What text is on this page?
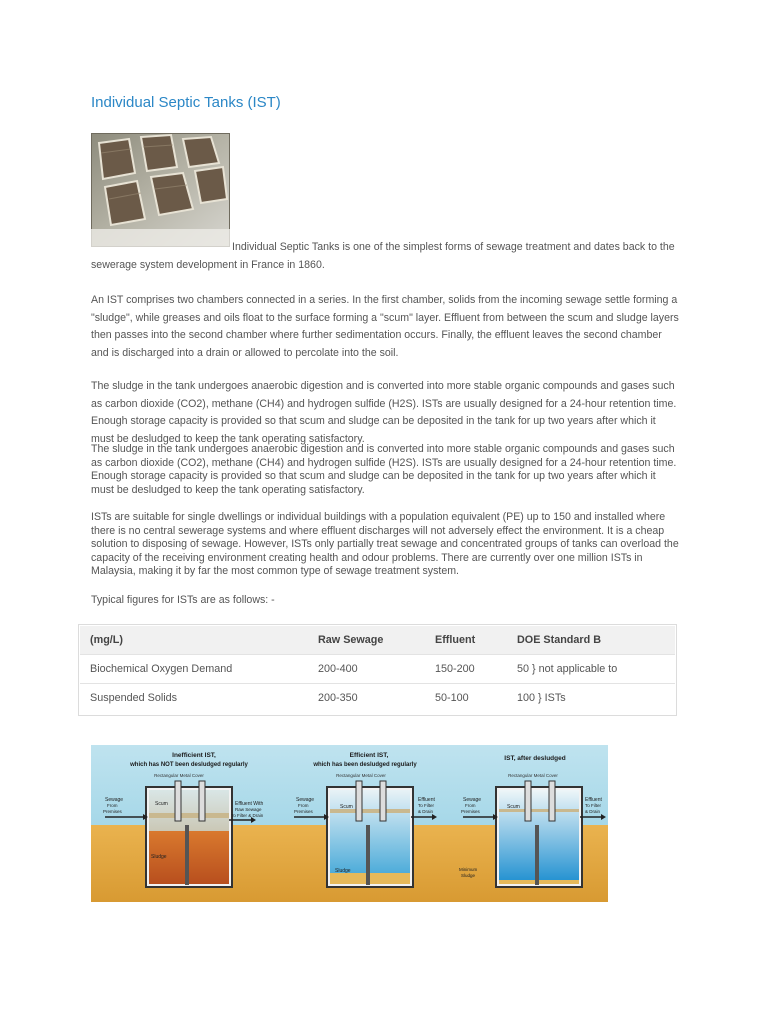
Individual Septic Tanks (IST)

Individual Septic Tanks is one of the simplest forms of sewage treatment and dates back to the sewerage system development in France in 1860.

An IST comprises two chambers connected in a series. In the first chamber, solids from the incoming sewage settle forming a "sludge", while greases and oils float to the surface forming a "scum" layer. Effluent from between the scum and sludge layers then passes into the second chamber where further sedimentation occurs. Finally, the effluent leaves the second chamber and is discharged into a drain or allowed to percolate into the soil.

The sludge in the tank undergoes anaerobic digestion and is converted into more stable organic compounds and gases such as carbon dioxide (CO2), methane (CH4) and hydrogen sulfide (H2S). ISTs are usually designed for a 24-hour retention time. Enough storage capacity is provided so that scum and sludge can be deposited in the tank for up two years after which it must be desludged to keep the tank operating satisfactory.

The sludge in the tank undergoes anaerobic digestion and is converted into more stable organic compounds and gases such as carbon dioxide (CO2), methane (CH4) and hydrogen sulfide (H2S). ISTs are usually designed for a 24-hour retention time. Enough storage capacity is provided so that scum and sludge can be deposited in the tank for up two years after which it must be desludged to keep the tank operating satisfactory.

ISTs are suitable for single dwellings or individual buildings with a population equivalent (PE) up to 150 and installed where there is no central sewerage systems and where effluent discharges will not adversely effect the environment. It is a cheap solution to disposing of sewage. However, ISTs only partially treat sewage and concentrated groups of tanks can overload the capacity of the receiving environment creating health and odour problems. There are currently over one million ISTs in Malaysia, making it by far the most common type of sewage treatment system.

Typical figures for ISTs are as follows: -

(mg/L)	Raw Sewage	Effluent	DOE Standard B
Biochemical Oxygen Demand	200-400	150-200	50 } not applicable to
Suspended Solids	200-350	50-100	100 } ISTs
Inefficient IST,
which has NOT been desludged regularly
Rectangular Metal Cover
Sewage
From
Premises
Scum
Sludge
Effluent With
Raw Sewage
To Filter & Drain
Efficient IST,
which has been desludged regularly
Rectangular Metal Cover
Sewage
From
Premises
Scum
Sludge
Effluent
To Filter
& Drain
IST, after desludged
Rectangular Metal Cover
Sewage
From
Premises
Scum
Minimum
Sludge
Effluent
To Filter
& Drain
